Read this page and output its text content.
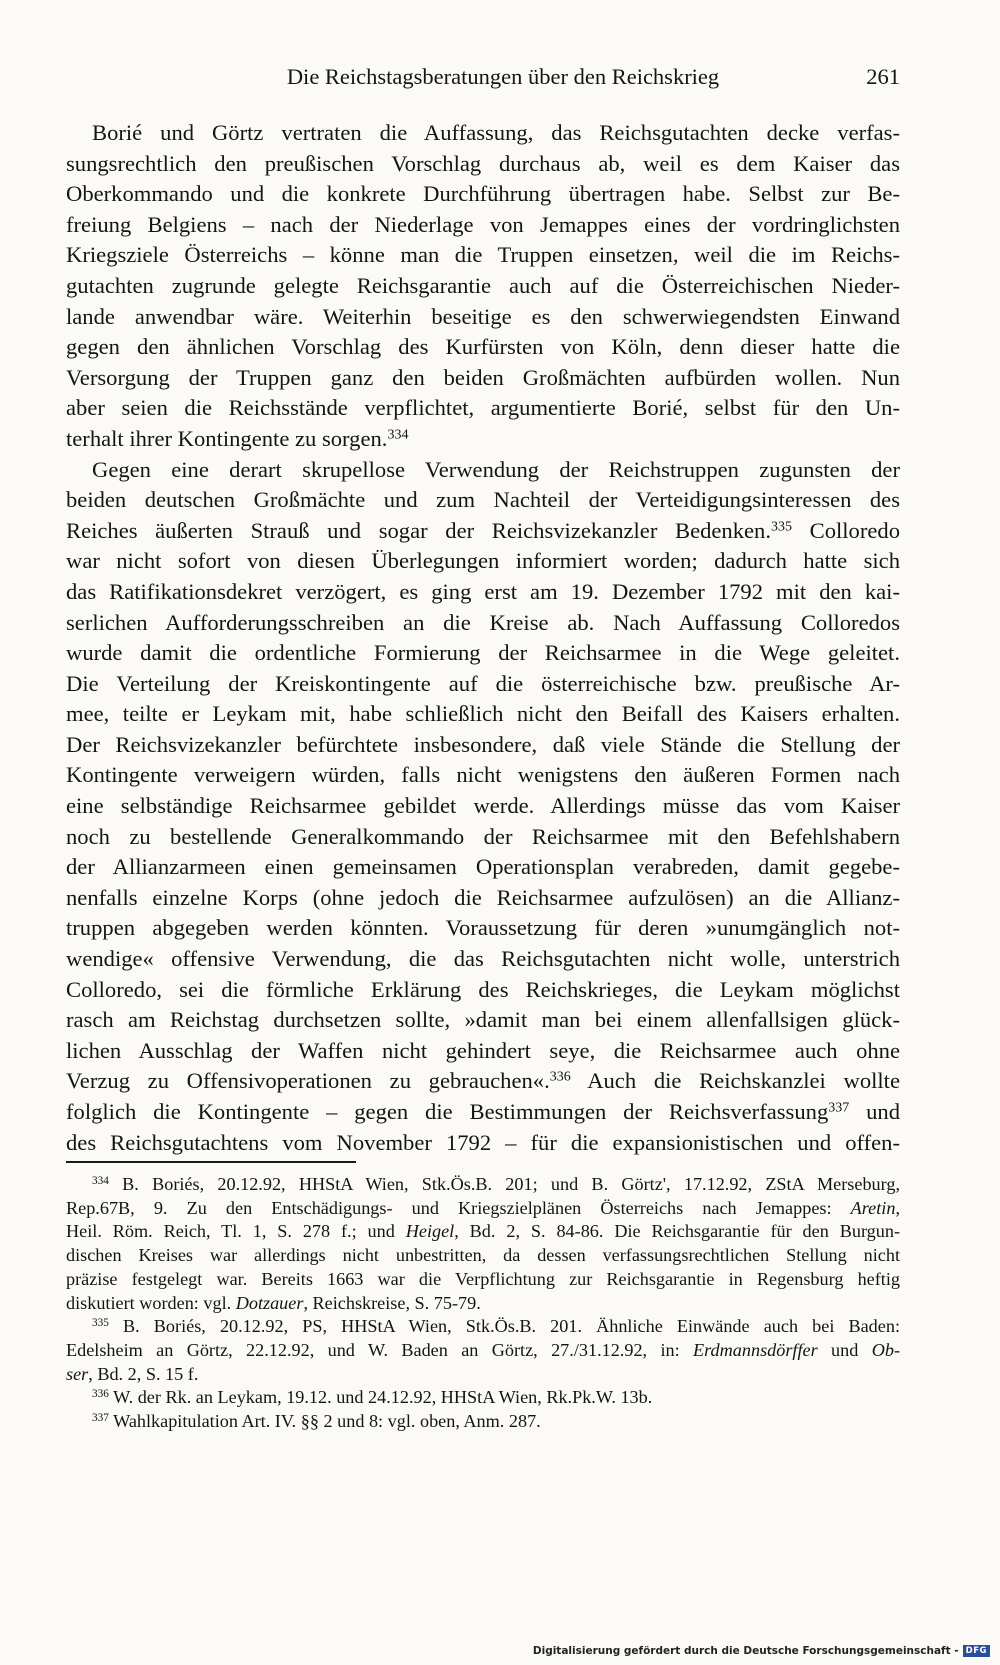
Die Reichstagsberatungen über den Reichskrieg	261
Borié und Görtz vertraten die Auffassung, das Reichsgutachten decke verfas-
sungsrechtlich den preußischen Vorschlag durchaus ab, weil es dem Kaiser das
Oberkommando und die konkrete Durchführung übertragen habe. Selbst zur Be-
freiung Belgiens – nach der Niederlage von Jemappes eines der vordringlichsten
Kriegsziele Österreichs – könne man die Truppen einsetzen, weil die im Reichs-
gutachten zugrunde gelegte Reichsgarantie auch auf die Österreichischen Nieder-
lande anwendbar wäre. Weiterhin beseitige es den schwerwiegendsten Einwand
gegen den ähnlichen Vorschlag des Kurfürsten von Köln, denn dieser hatte die
Versorgung der Truppen ganz den beiden Großmächten aufbürden wollen. Nun
aber seien die Reichsstände verpflichtet, argumentierte Borié, selbst für den Un-
terhalt ihrer Kontingente zu sorgen.$^{334}$
Gegen eine derart skrupellose Verwendung der Reichstruppen zugunsten der
beiden deutschen Großmächte und zum Nachteil der Verteidigungsinteressen des
Reiches äußerten Strauß und sogar der Reichsvizekanzler Bedenken.$^{335}$ Colloredo
war nicht sofort von diesen Überlegungen informiert worden; dadurch hatte sich
das Ratifikationsdekret verzögert, es ging erst am 19. Dezember 1792 mit den kai-
serlichen Aufforderungsschreiben an die Kreise ab. Nach Auffassung Colloredos
wurde damit die ordentliche Formierung der Reichsarmee in die Wege geleitet.
Die Verteilung der Kreiskontingente auf die österreichische bzw. preußische Ar-
mee, teilte er Leykam mit, habe schließlich nicht den Beifall des Kaisers erhalten.
Der Reichsvizekanzler befürchtete insbesondere, daß viele Stände die Stellung der
Kontingente verweigern würden, falls nicht wenigstens den äußeren Formen nach
eine selbständige Reichsarmee gebildet werde. Allerdings müsse das vom Kaiser
noch zu bestellende Generalkommando der Reichsarmee mit den Befehlshabern
der Allianzarmeen einen gemeinsamen Operationsplan verabreden, damit gegebe-
nenfalls einzelne Korps (ohne jedoch die Reichsarmee aufzulösen) an die Allianz-
truppen abgegeben werden könnten. Voraussetzung für deren »unumgänglich not-
wendige« offensive Verwendung, die das Reichsgutachten nicht wolle, unterstrich
Colloredo, sei die förmliche Erklärung des Reichskrieges, die Leykam möglichst
rasch am Reichstag durchsetzen sollte, »damit man bei einem allenfallsigen glück-
lichen Ausschlag der Waffen nicht gehindert seye, die Reichsarmee auch ohne
Verzug zu Offensivoperationen zu gebrauchen«.$^{336}$ Auch die Reichskanzlei wollte
folglich die Kontingente – gegen die Bestimmungen der Reichsverfassung$^{337}$ und
des Reichsgutachtens vom November 1792 – für die expansionistischen und offen-
$^{334}$ B. Boriés, 20.12.92, HHStA Wien, Stk.Ös.B. 201; und B. Görtz', 17.12.92, ZStA Merseburg,
Rep.67B, 9. Zu den Entschädigungs- und Kriegszielplänen Österreichs nach Jemappes: Aretin,
Heil. Röm. Reich, Tl. 1, S. 278 f.; und Heigel, Bd. 2, S. 84-86. Die Reichsgarantie für den Burgun-
dischen Kreises war allerdings nicht unbestritten, da dessen verfassungsrechtlichen Stellung nicht
präzise festgelegt war. Bereits 1663 war die Verpflichtung zur Reichsgarantie in Regensburg heftig
diskutiert worden: vgl. Dotzauer, Reichskreise, S. 75-79.
$^{335}$ B. Boriés, 20.12.92, PS, HHStA Wien, Stk.Ös.B. 201. Ähnliche Einwände auch bei Baden:
Edelsheim an Görtz, 22.12.92, und W. Baden an Görtz, 27./31.12.92, in: Erdmannsdörffer und Ob-
ser, Bd. 2, S. 15 f.
$^{336}$ W. der Rk. an Leykam, 19.12. und 24.12.92, HHStA Wien, Rk.Pk.W. 13b.
$^{337}$ Wahlkapitulation Art. IV. §§ 2 und 8: vgl. oben, Anm. 287.
Digitalisierung gefördert durch die Deutsche Forschungsgemeinschaft - DFG
